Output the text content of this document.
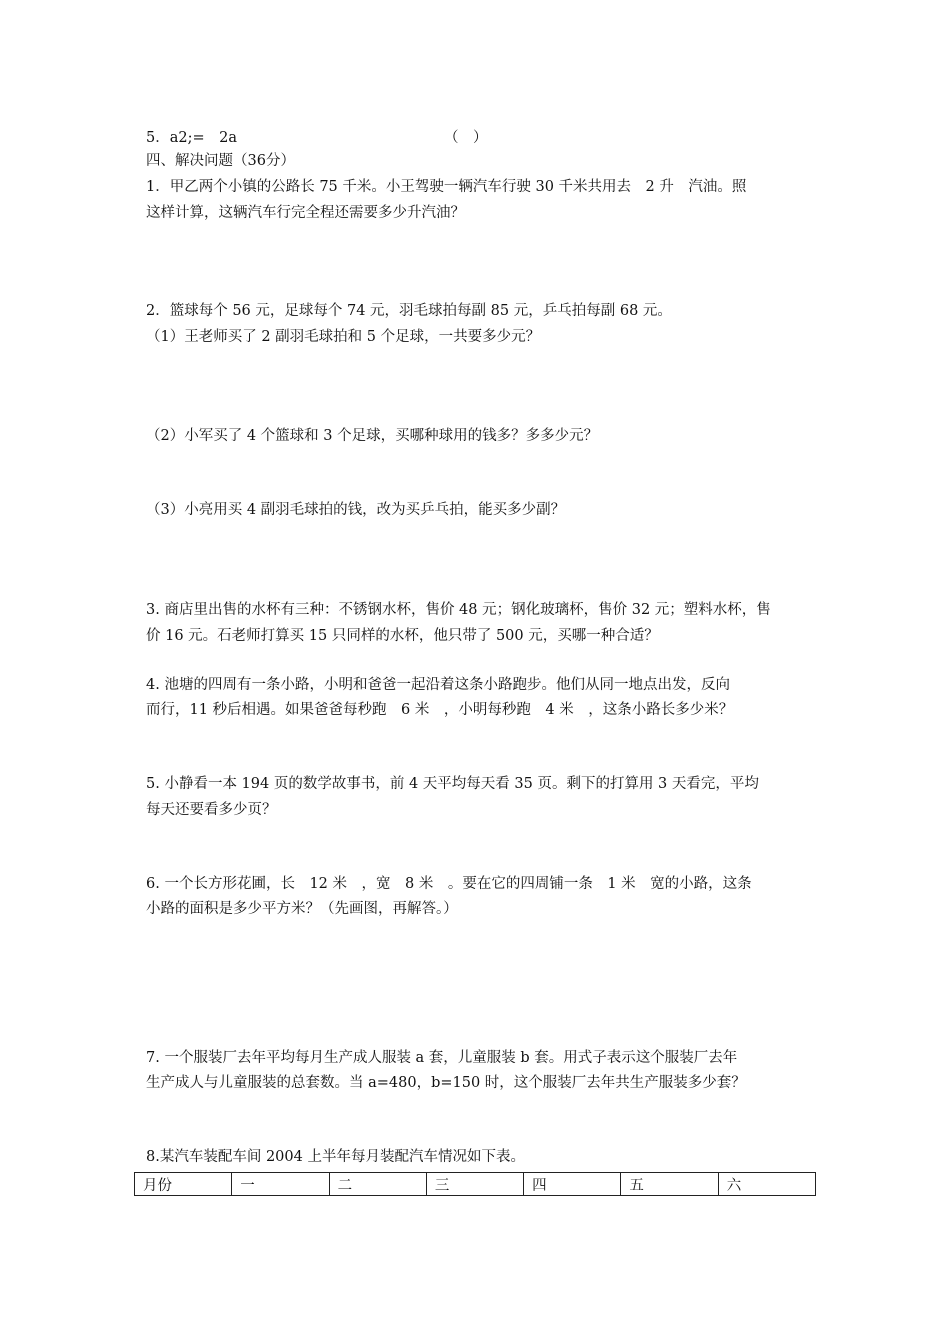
5．a2;=　2a	（　）
四、解决问题（36分）
1．甲乙两个小镇的公路长 75 千米。小王驾驶一辆汽车行驶 30 千米共用去　2 升　汽油。照
这样计算，这辆汽车行完全程还需要多少升汽油？
2．篮球每个 56 元，足球每个 74 元，羽毛球拍每副 85 元，乒乓拍每副 68 元。
（1）王老师买了 2 副羽毛球拍和 5 个足球，一共要多少元？
（2）小军买了 4 个篮球和 3 个足球，买哪种球用的钱多？多多少元？
（3）小亮用买 4 副羽毛球拍的钱，改为买乒乓拍，能买多少副？
3. 商店里出售的水杯有三种：不锈钢水杯，售价 48 元；钢化玻璃杯，售价 32 元；塑料水杯，售
价 16 元。石老师打算买 15 只同样的水杯，他只带了 500 元，买哪一种合适？
4. 池塘的四周有一条小路，小明和爸爸一起沿着这条小路跑步。他们从同一地点出发，反向
而行，11 秒后相遇。如果爸爸每秒跑　6 米　，小明每秒跑　4 米　，这条小路长多少米？
5. 小静看一本 194 页的数学故事书，前 4 天平均每天看 35 页。剩下的打算用 3 天看完，平均
每天还要看多少页？
6. 一个长方形花圃，长　12 米　，宽　8 米　。要在它的四周铺一条　1 米　宽的小路，这条
小路的面积是多少平方米？（先画图，再解答。）
7. 一个服装厂去年平均每月生产成人服装 a 套，儿童服装 b 套。用式子表示这个服装厂去年
生产成人与儿童服装的总套数。当 a=480，b=150 时，这个服装厂去年共生产服装多少套？
8.某汽车装配车间 2004 上半年每月装配汽车情况如下表。
月份	一	二	三	四	五	六
